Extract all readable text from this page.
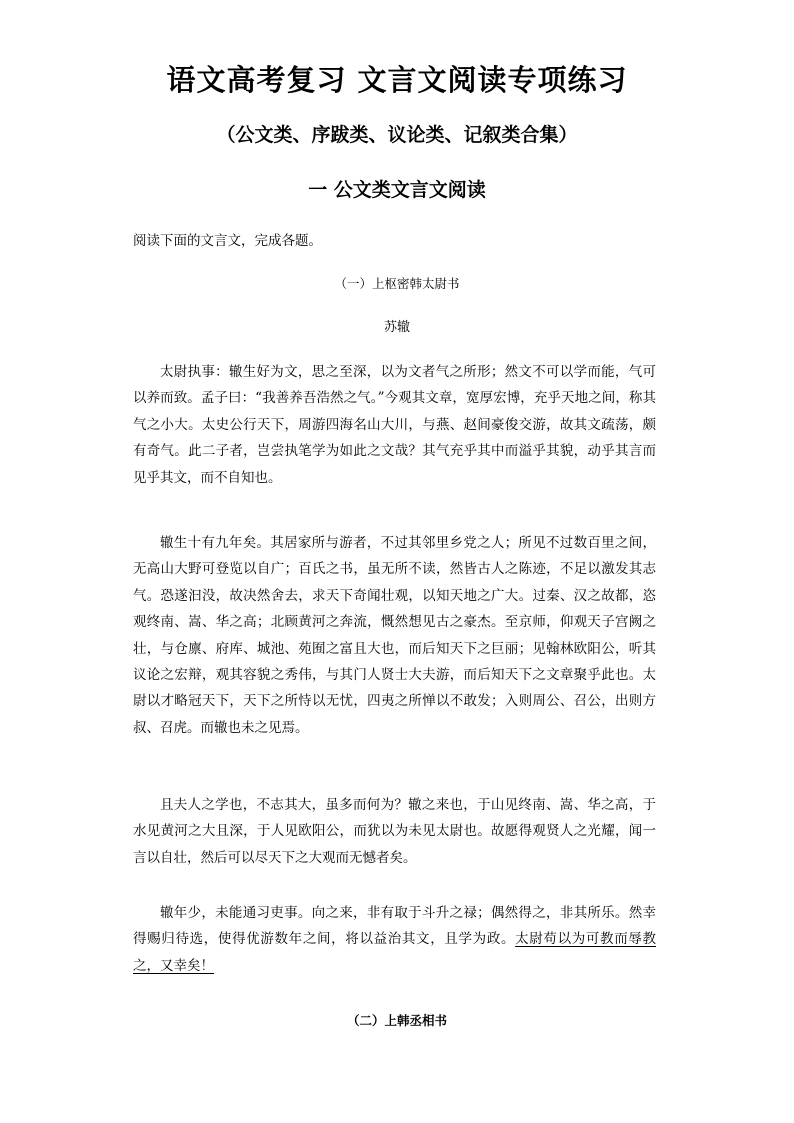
语文高考复习 文言文阅读专项练习
（公文类、序跋类、议论类、记叙类合集）
一 公文类文言文阅读
阅读下面的文言文，完成各题。
（一）上枢密韩太尉书
苏辙

太尉执事：辙生好为文，思之至深，以为文者气之所形；然文不可以学而能，气可以养而致。孟子曰：“我善养吾浩然之气。”今观其文章，宽厚宏博，充乎天地之间，称其气之小大。太史公行天下，周游四海名山大川，与燕、赵间豪俊交游，故其文疏荡，颇有奇气。此二子者，岂尝执笔学为如此之文哉？其气充乎其中而溢乎其貌，动乎其言而见乎其文，而不自知也。

辙生十有九年矣。其居家所与游者，不过其邻里乡党之人；所见不过数百里之间，无高山大野可登览以自广；百氏之书，虽无所不读，然皆古人之陈迹，不足以激发其志气。恐遂汩没，故决然舍去，求天下奇闻壮观，以知天地之广大。过秦、汉之故都，恣观终南、嵩、华之高；北顾黄河之奔流，慨然想见古之豪杰。至京师，仰观天子宫阙之壮，与仓廪、府库、城池、苑囿之富且大也，而后知天下之巨丽；见翰林欧阳公，听其议论之宏辩，观其容貌之秀伟，与其门人贤士大夫游，而后知天下之文章聚乎此也。太尉以才略冠天下，天下之所恃以无忧，四夷之所惮以不敢发；入则周公、召公，出则方叔、召虎。而辙也未之见焉。

且夫人之学也，不志其大，虽多而何为？辙之来也，于山见终南、嵩、华之高，于水见黄河之大且深，于人见欧阳公，而犹以为未见太尉也。故愿得观贤人之光耀，闻一言以自壮，然后可以尽天下之大观而无憾者矣。

辙年少，未能通习吏事。向之来，非有取于斗升之禄；偶然得之，非其所乐。然幸得赐归待选，使得优游数年之间，将以益治其文，且学为政。太尉苟以为可教而辱教之，又幸矣！

（二）上韩丞相书
